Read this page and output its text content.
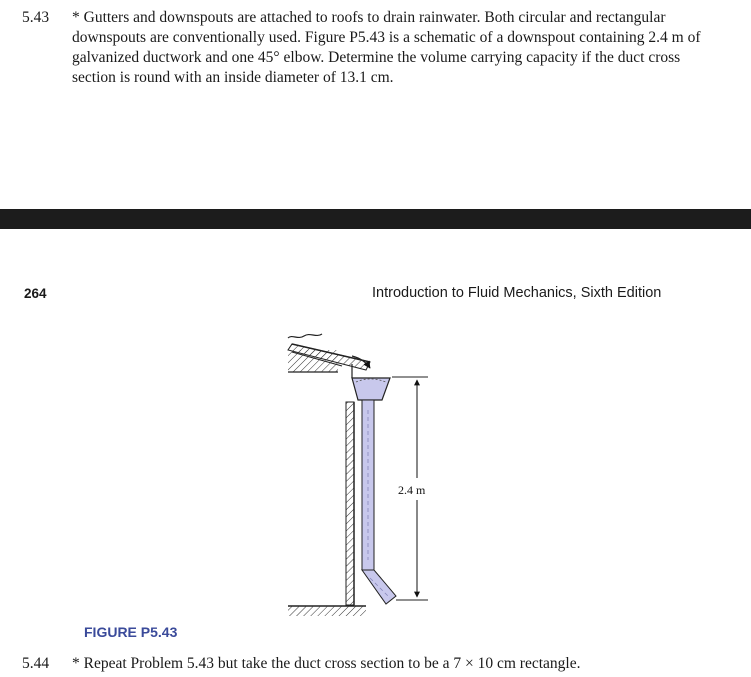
5.43 * Gutters and downspouts are attached to roofs to drain rainwater. Both circular and rectangular downspouts are conventionally used. Figure P5.43 is a schematic of a downspout containing 2.4 m of galvanized ductwork and one 45° elbow. Determine the volume carrying capacity if the duct cross section is round with an inside diameter of 13.1 cm.
264	Introduction to Fluid Mechanics, Sixth Edition
2.4 m
FIGURE P5.43
5.44 * Repeat Problem 5.43 but take the duct cross section to be a 7 × 10 cm rectangle.
